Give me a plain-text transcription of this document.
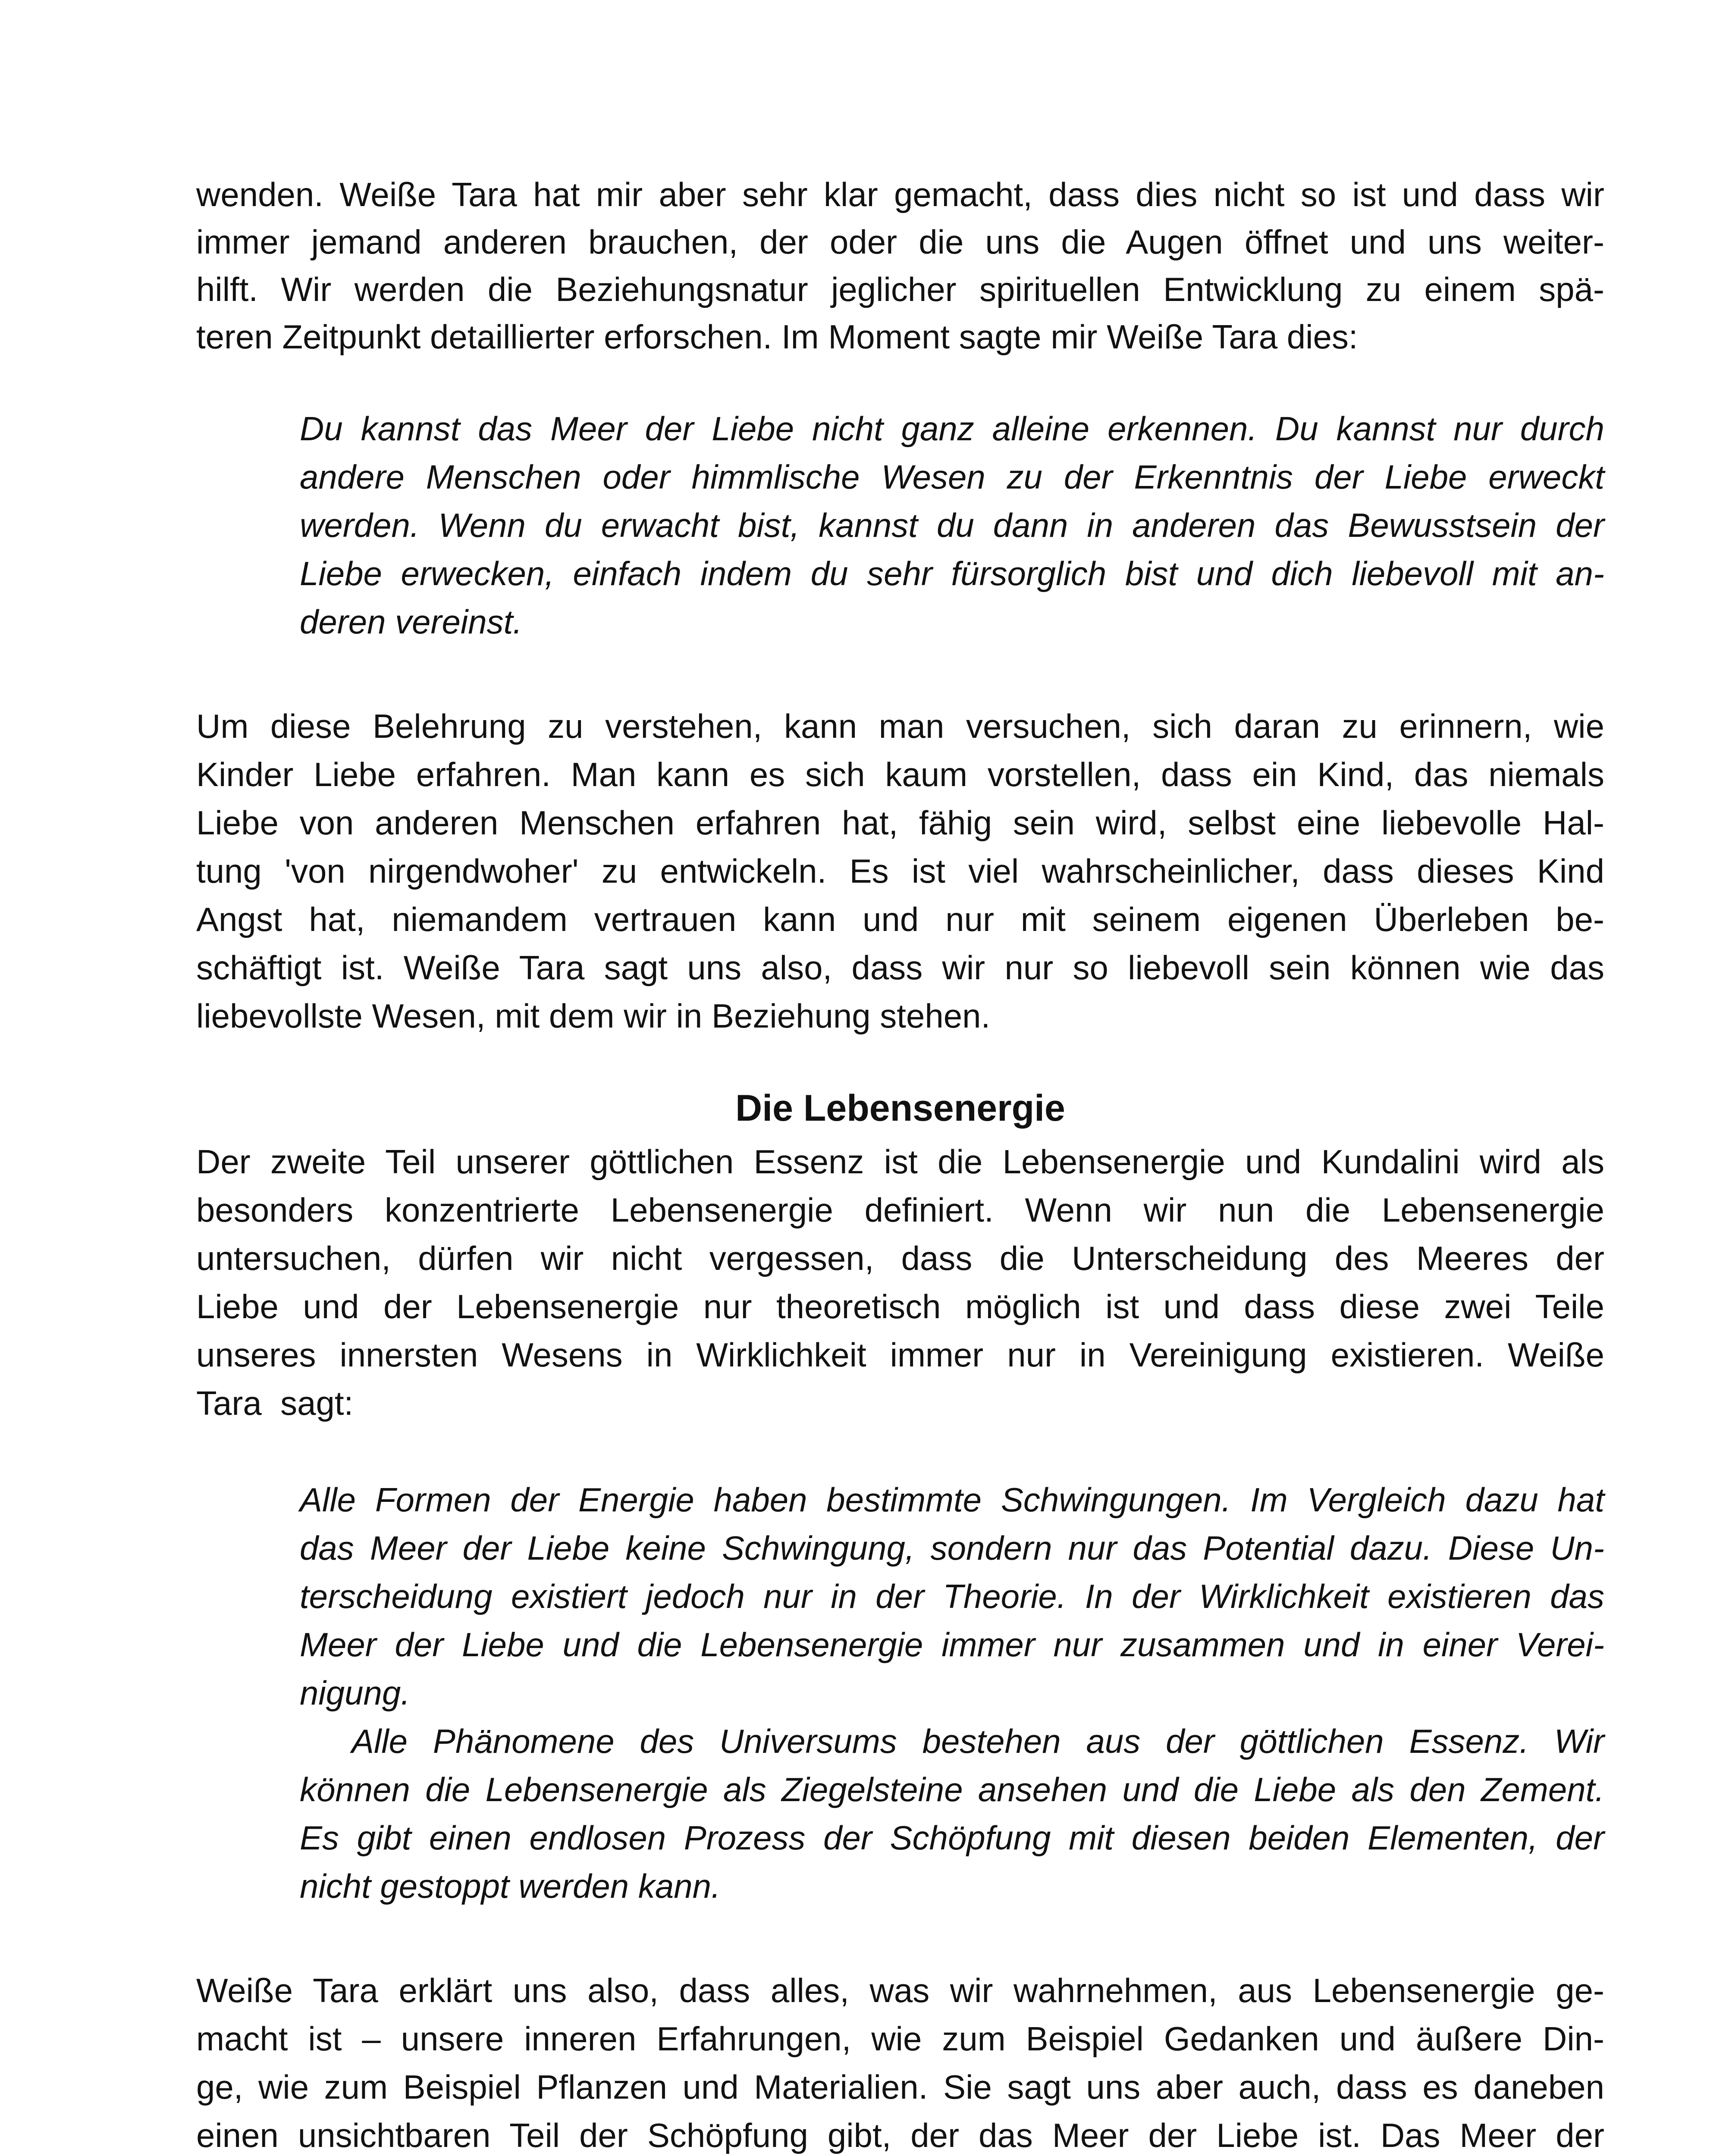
wenden. Weiße Tara hat mir aber sehr klar gemacht, dass dies nicht so ist und dass wir
immer jemand anderen brauchen, der oder die uns die Augen öffnet und uns weiter-
hilft. Wir werden die Beziehungsnatur jeglicher spirituellen Entwicklung zu einem spä-
teren Zeitpunkt detaillierter erforschen. Im Moment sagte mir Weiße Tara dies:
Du kannst das Meer der Liebe nicht ganz alleine erkennen. Du kannst nur durch
andere Menschen oder himmlische Wesen zu der Erkenntnis der Liebe erweckt
werden. Wenn du erwacht bist, kannst du dann in anderen das Bewusstsein der
Liebe erwecken, einfach indem du sehr fürsorglich bist und dich liebevoll mit an-
deren vereinst.
Um diese Belehrung zu verstehen, kann man versuchen, sich daran zu erinnern, wie
Kinder Liebe erfahren. Man kann es sich kaum vorstellen, dass ein Kind, das niemals
Liebe von anderen Menschen erfahren hat, fähig sein wird, selbst eine liebevolle Hal-
tung 'von nirgendwoher' zu entwickeln. Es ist viel wahrscheinlicher, dass dieses Kind
Angst hat, niemandem vertrauen kann und nur mit seinem eigenen Überleben be-
schäftigt ist. Weiße Tara sagt uns also, dass wir nur so liebevoll sein können wie das
liebevollste Wesen, mit dem wir in Beziehung stehen.
Die Lebensenergie
Der zweite Teil unserer göttlichen Essenz ist die Lebensenergie und Kundalini wird als
besonders konzentrierte Lebensenergie definiert. Wenn wir nun die Lebensenergie
untersuchen, dürfen wir nicht vergessen, dass die Unterscheidung des Meeres der
Liebe und der Lebensenergie nur theoretisch möglich ist und dass diese zwei Teile
unseres innersten Wesens in Wirklichkeit immer nur in Vereinigung existieren. Weiße
Tara  sagt:
Alle Formen der Energie haben bestimmte Schwingungen. Im Vergleich dazu hat
das Meer der Liebe keine Schwingung, sondern nur das Potential dazu. Diese Un-
terscheidung existiert jedoch nur in der Theorie. In der Wirklichkeit existieren das
Meer der Liebe und die Lebensenergie immer nur zusammen und in einer Verei-
nigung.
Alle Phänomene des Universums bestehen aus der göttlichen Essenz. Wir
können die Lebensenergie als Ziegelsteine ansehen und die Liebe als den Zement.
Es gibt einen endlosen Prozess der Schöpfung mit diesen beiden Elementen, der
nicht gestoppt werden kann.
Weiße Tara erklärt uns also, dass alles, was wir wahrnehmen, aus Lebensenergie ge-
macht ist – unsere inneren Erfahrungen, wie zum Beispiel Gedanken und äußere Din-
ge, wie zum Beispiel Pflanzen und Materialien. Sie sagt uns aber auch, dass es daneben
einen unsichtbaren Teil der Schöpfung gibt, der das Meer der Liebe ist. Das Meer der
